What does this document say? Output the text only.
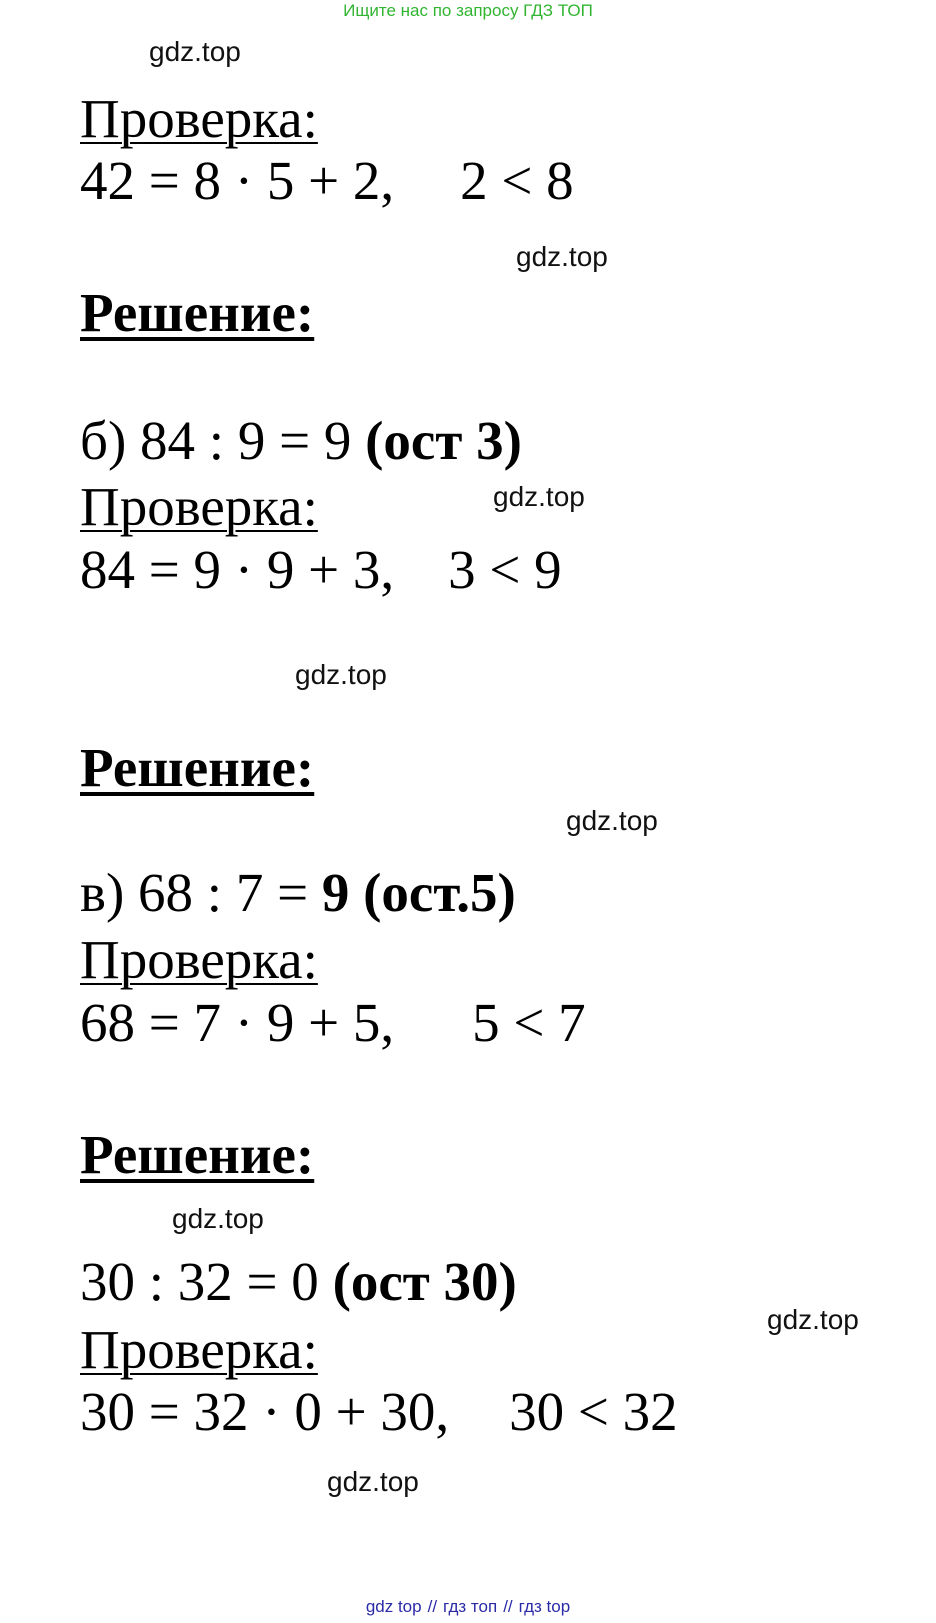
Ищите нас по запросу ГДЗ ТОП
gdz.top
gdz.top
gdz.top
gdz.top
gdz.top
gdz.top
gdz.top
gdz.top
Проверка:
42 = 8 · 5 + 2, 2 < 8
Решение:
б) 84 : 9 = 9 (ост 3)
Проверка:
84 = 9 · 9 + 3, 3 < 9
Решение:
в) 68 : 7 = 9 (ост.5)
Проверка:
68 = 7 · 9 + 5, 5 < 7
Решение:
30 : 32 = 0 (ост 30)
Проверка:
30 = 32 · 0 + 30, 30 < 32
gdz top // гдз топ // гдз top
